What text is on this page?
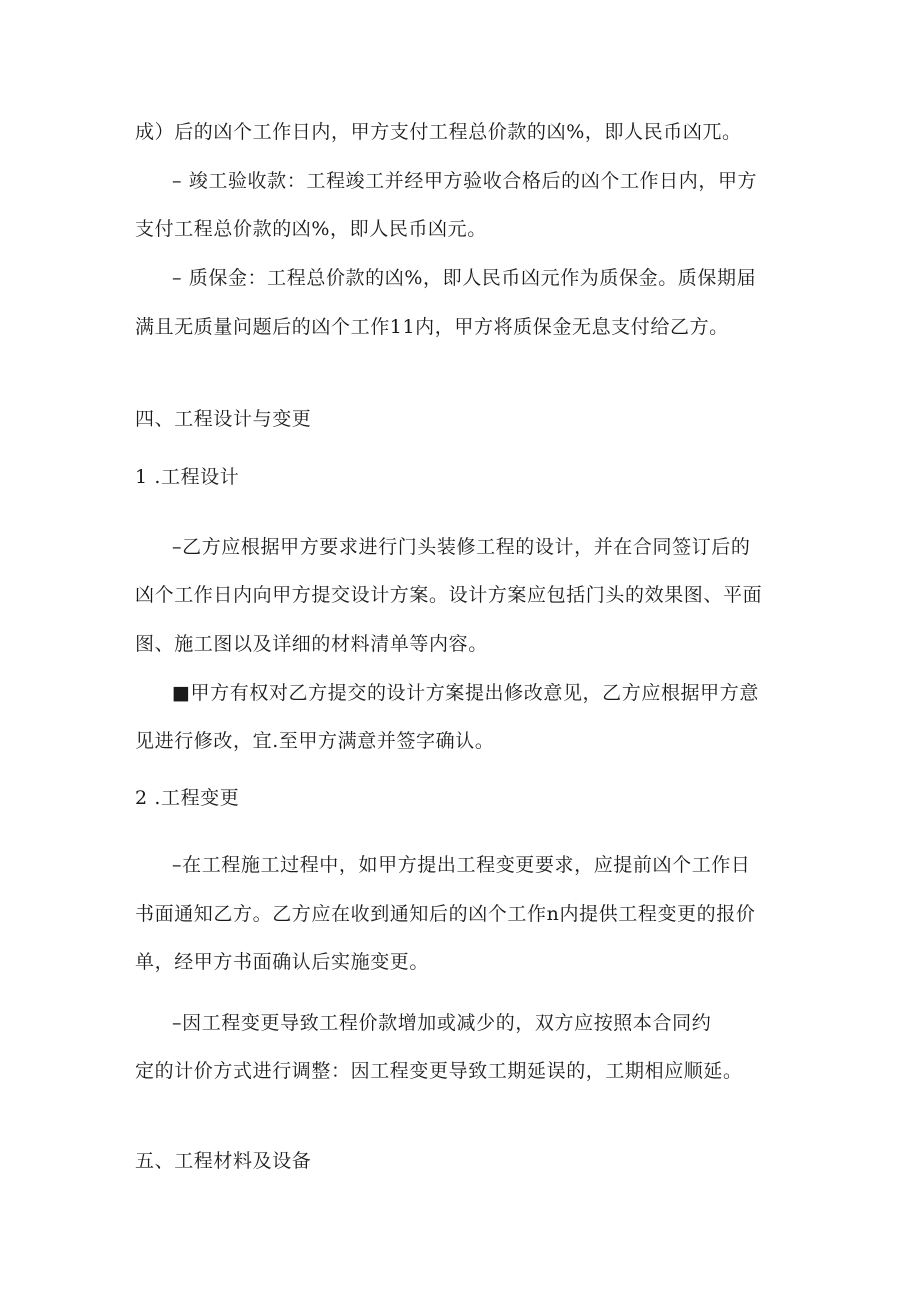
成）后的凶个工作日内，甲方支付工程总价款的凶%，即人民币凶兀。
– 竣工验收款：工程竣工并经甲方验收合格后的凶个工作日内，甲方
支付工程总价款的凶%，即人民币凶元。
– 质保金：工程总价款的凶%，即人民币凶元作为质保金。质保期届
满且无质量问题后的凶个工作11内，甲方将质保金无息支付给乙方。
四、工程设计与变更
1 .工程设计
–乙方应根据甲方要求进行门头装修工程的设计，并在合同签订后的
凶个工作日内向甲方提交设计方案。设计方案应包括门头的效果图、平面
图、施工图以及详细的材料清单等内容。
■甲方有权对乙方提交的设计方案提出修改意见，乙方应根据甲方意
见进行修改，宜.至甲方满意并签字确认。
2 .工程变更
–在工程施工过程中，如甲方提出工程变更要求，应提前凶个工作日
书面通知乙方。乙方应在收到通知后的凶个工作n内提供工程变更的报价
单，经甲方书面确认后实施变更。
–因工程变更导致工程价款增加或减少的，双方应按照本合同约
定的计价方式进行调整：因工程变更导致工期延误的，工期相应顺延。
五、工程材料及设备
